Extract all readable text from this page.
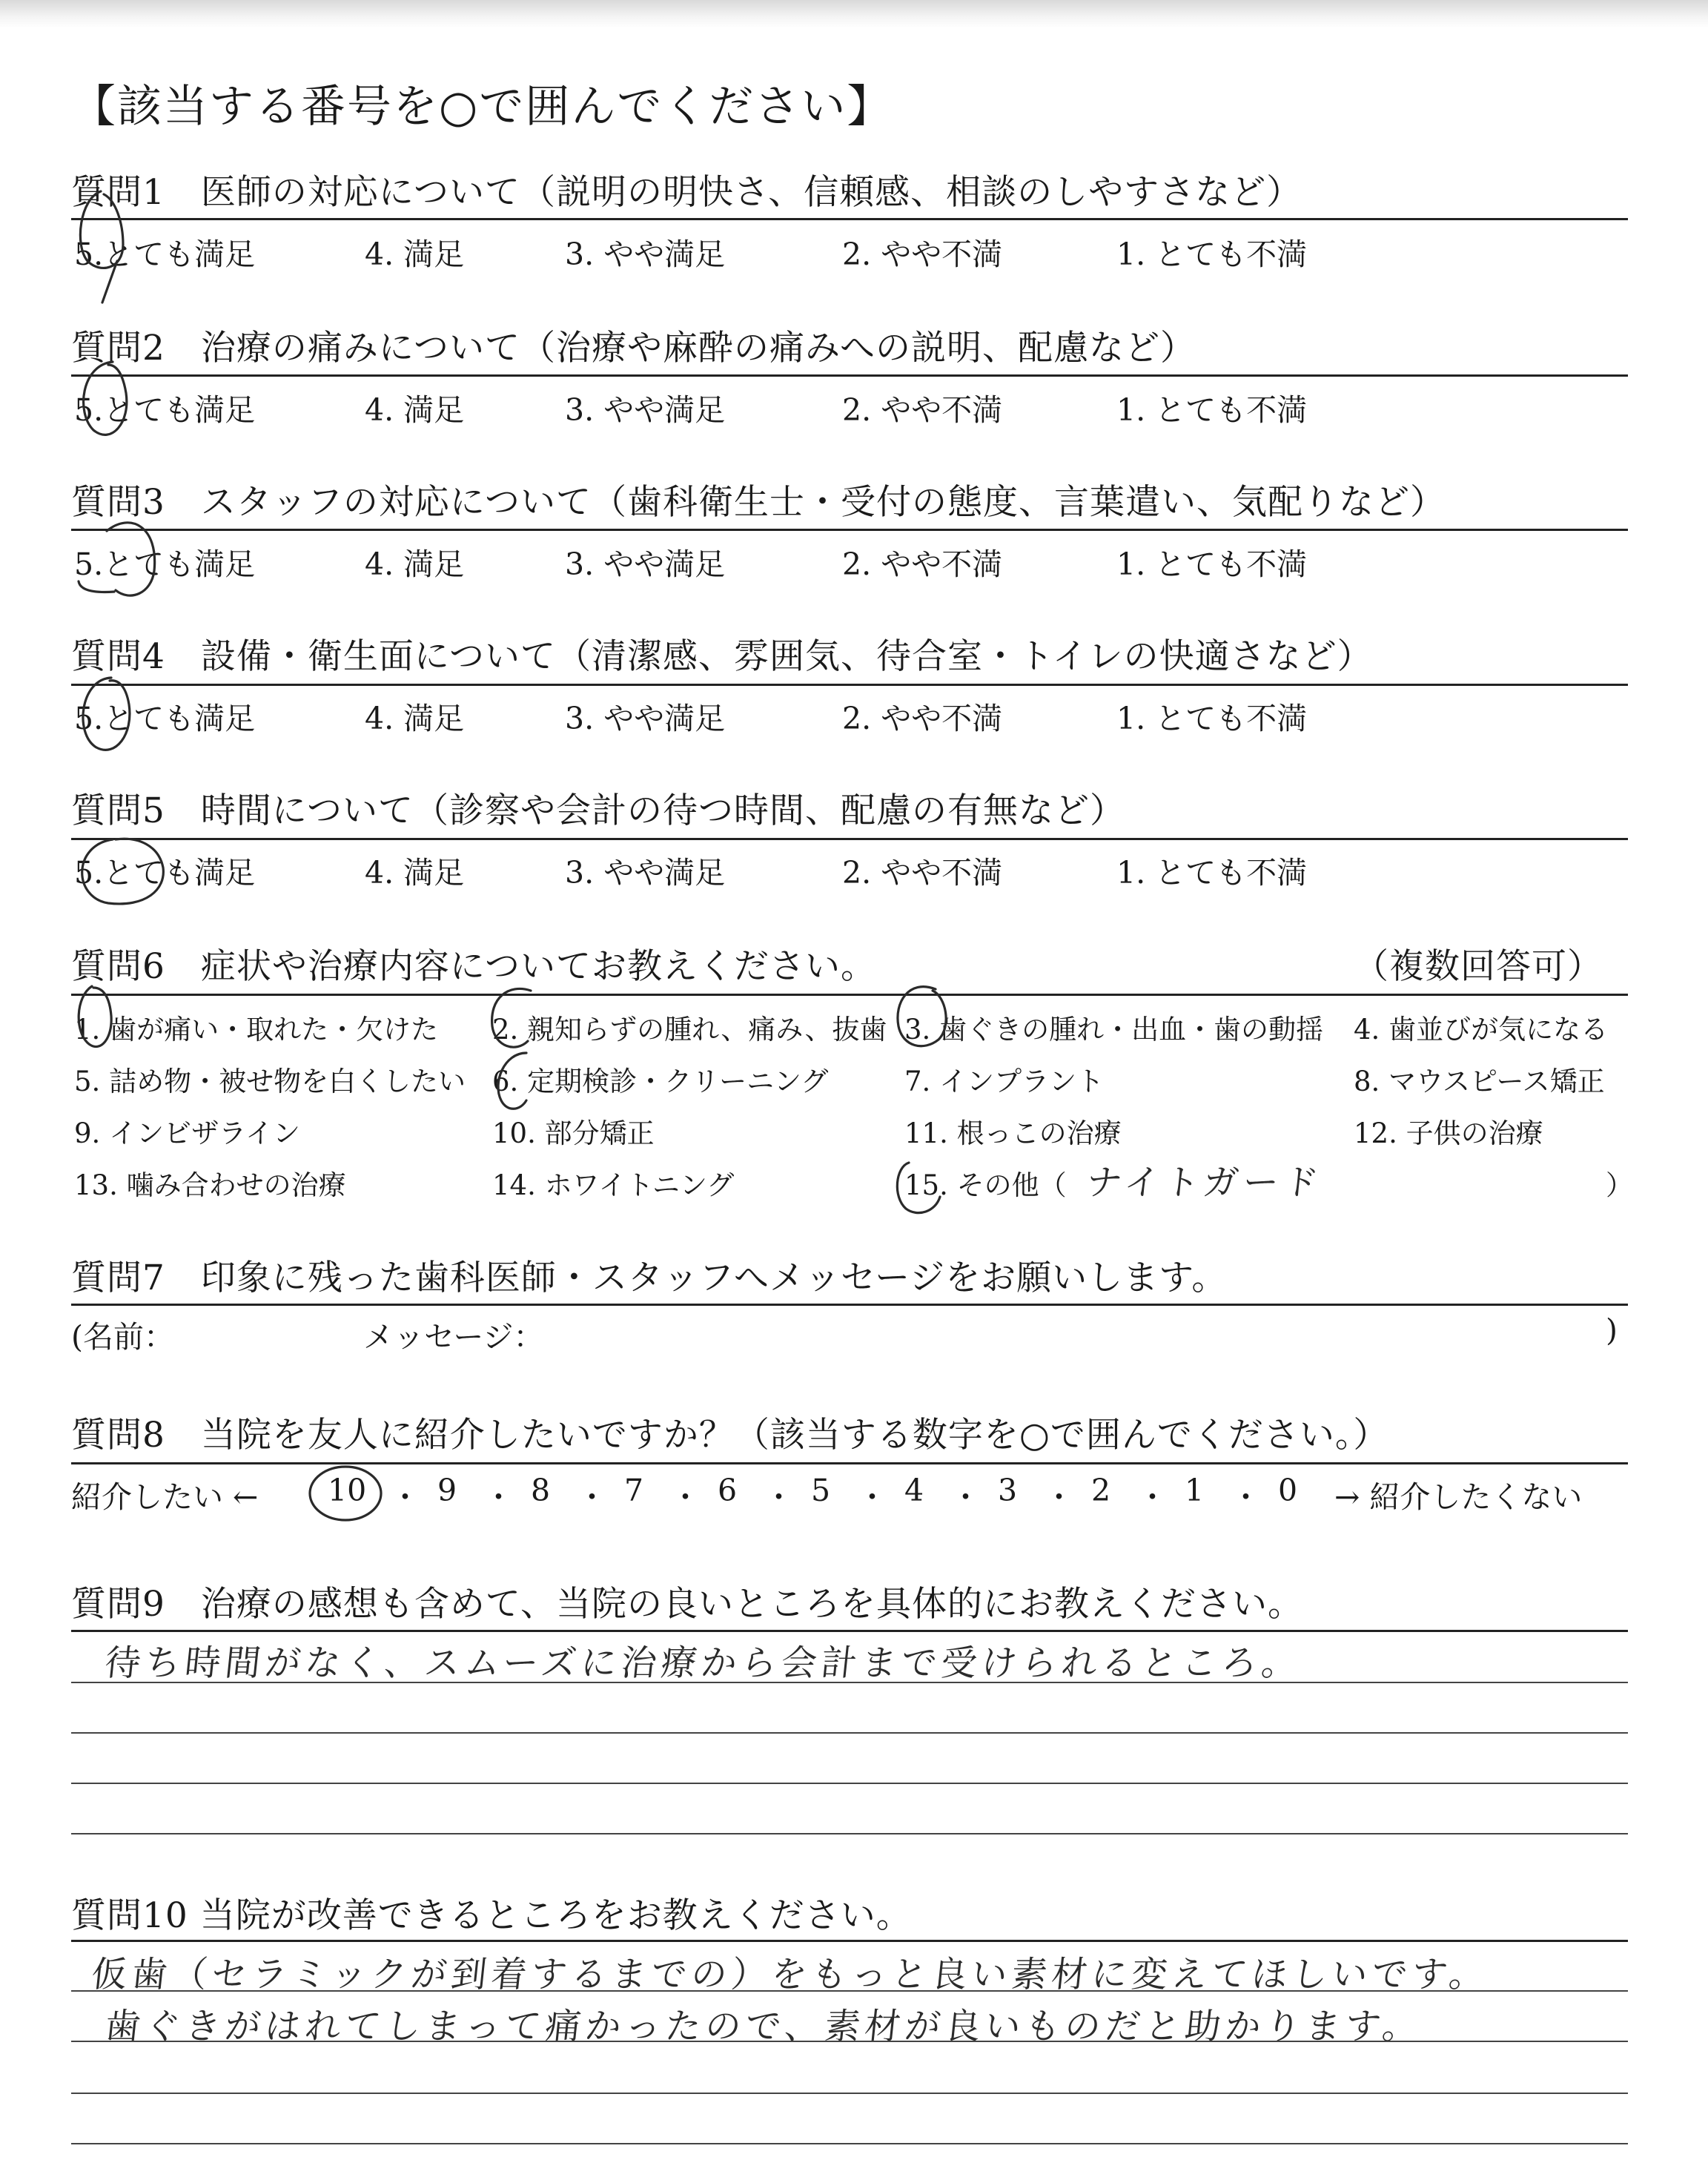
【該当する番号を○で囲んでください】
質問1　医師の対応について（説明の明快さ、信頼感、相談のしやすさなど）
5.とても満足	4. 満足	3. やや満足	2. やや不満	1. とても不満
質問2　治療の痛みについて（治療や麻酔の痛みへの説明、配慮など）
5.とても満足	4. 満足	3. やや満足	2. やや不満	1. とても不満
質問3　スタッフの対応について（歯科衛生士・受付の態度、言葉遣い、気配りなど）
5.とても満足	4. 満足	3. やや満足	2. やや不満	1. とても不満
質問4　設備・衛生面について（清潔感、雰囲気、待合室・トイレの快適さなど）
5.とても満足	4. 満足	3. やや満足	2. やや不満	1. とても不満
質問5　時間について（診察や会計の待つ時間、配慮の有無など）
5.とても満足	4. 満足	3. やや満足	2. やや不満	1. とても不満
質問6　症状や治療内容についてお教えください。	（複数回答可）
1. 歯が痛い・取れた・欠けた 2. 親知らずの腫れ、痛み、抜歯 3. 歯ぐきの腫れ・出血・歯の動揺 4. 歯並びが気になる
5. 詰め物・被せ物を白くしたい 6. 定期検診・クリーニング	7. インプラント	8. マウスピース矯正
9. インビザライン	10. 部分矯正	11. 根っこの治療	12. 子供の治療
13. 噛み合わせの治療	14. ホワイトニング	15. その他（ ナイトガード	）
質問7　印象に残った歯科医師・スタッフへメッセージをお願いします。
(名前：	メッセージ：	)
質問8　当院を友人に紹介したいですか？（該当する数字を○で囲んでください。）
紹介したい ←	→ 紹介したくない
10 ・ 9 ・ 8 ・ 7 ・ 6 ・ 5 ・ 4 ・ 3 ・ 2 ・ 1 ・ 0
質問9　治療の感想も含めて、当院の良いところを具体的にお教えください。
待ち時間がなく、スムーズに治療から会計まで受けられるところ。
質問10 当院が改善できるところをお教えください。
仮歯（セラミックが到着するまでの）をもっと良い素材に変えてほしいです。
歯ぐきがはれてしまって痛かったので、素材が良いものだと助かります。
